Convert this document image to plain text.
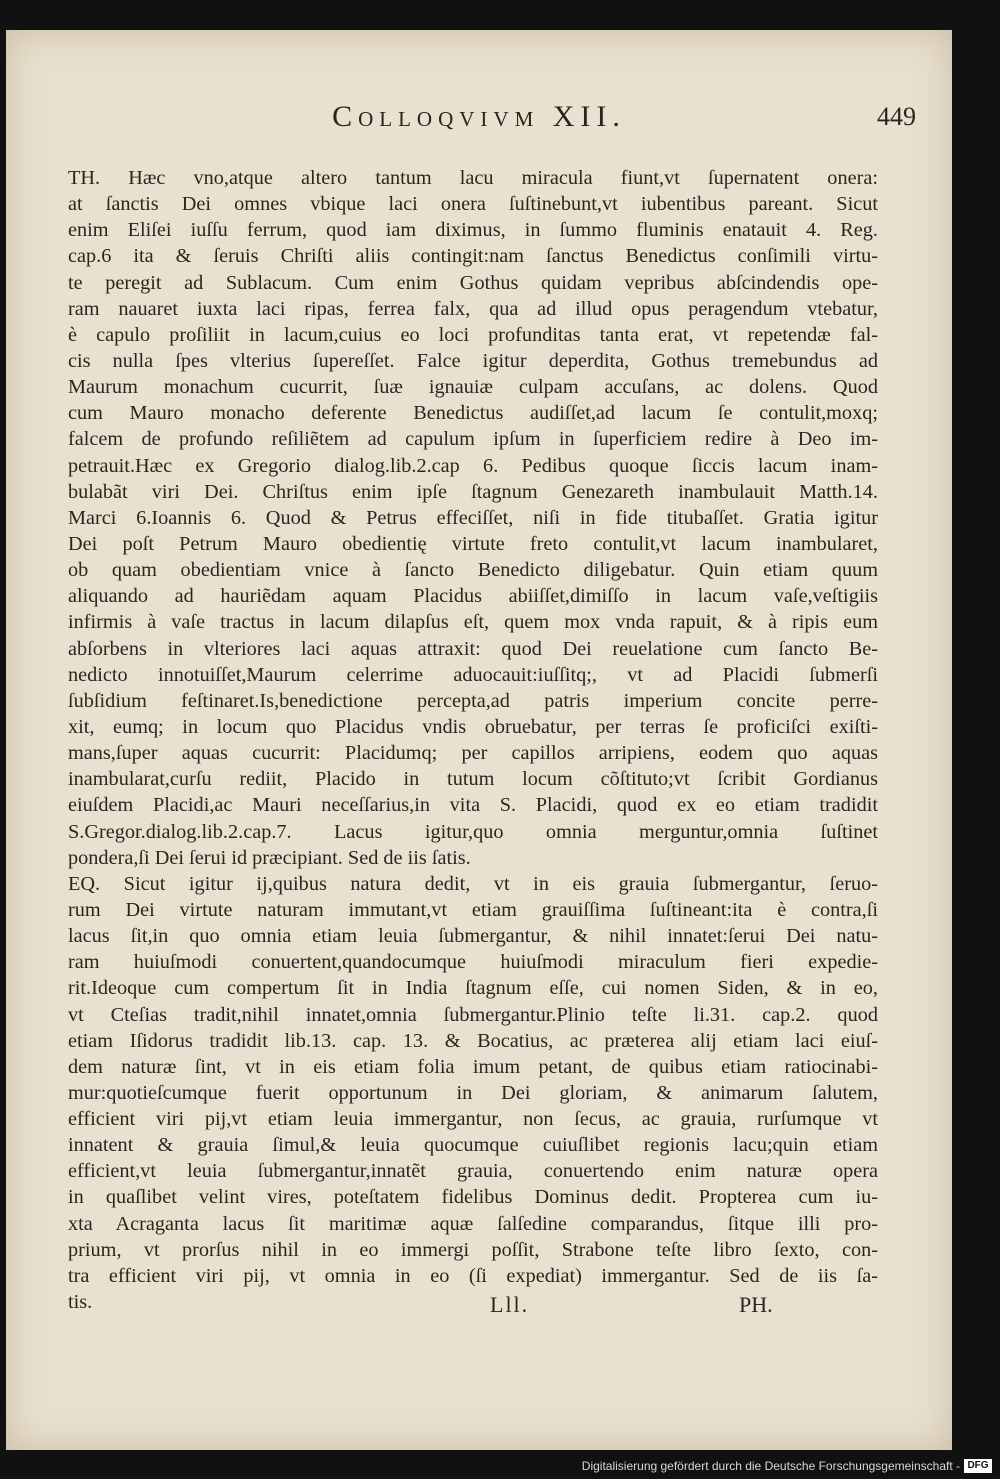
Colloqvivm XII.	449
TH. Hæc vno,atque altero tantum lacu miracula fiunt,vt ſupernatent onera:
at ſanctis Dei omnes vbique laci onera ſuſtinebunt,vt iubentibus pareant. Sicut
enim Eliſei iuſſu ferrum, quod iam diximus, in ſummo fluminis enatauit 4. Reg.
cap.6 ita & ſeruis Chriſti aliis contingit:nam ſanctus Benedictus conſimili virtu-
te peregit ad Sublacum. Cum enim Gothus quidam vepribus abſcindendis ope-
ram nauaret iuxta laci ripas, ferrea falx, qua ad illud opus peragendum vtebatur,
è capulo proſiliit in lacum,cuius eo loci profunditas tanta erat, vt repetendæ fal-
cis nulla ſpes vlterius ſupereſſet. Falce igitur deperdita, Gothus tremebundus ad
Maurum monachum cucurrit, ſuæ ignauiæ culpam accuſans, ac dolens. Quod
cum Mauro monacho deferente Benedictus audiſſet,ad lacum ſe contulit,moxq;
falcem de profundo reſiliẽtem ad capulum ipſum in ſuperficiem redire à Deo im-
petrauit.Hæc ex Gregorio dialog.lib.2.cap 6. Pedibus quoque ſiccis lacum inam-
bulabãt viri Dei. Chriſtus enim ipſe ſtagnum Genezareth inambulauit Matth.14.
Marci 6.Ioannis 6. Quod & Petrus effeciſſet, niſi in fide titubaſſet. Gratia igitur
Dei poſt Petrum Mauro obedientię virtute freto contulit,vt lacum inambularet,
ob quam obedientiam vnice à ſancto Benedicto diligebatur. Quin etiam quum
aliquando ad hauriẽdam aquam Placidus abiiſſet,dimiſſo in lacum vaſe,veſtigiis
infirmis à vaſe tractus in lacum dilapſus eſt, quem mox vnda rapuit, & à ripis eum
abſorbens in vlteriores laci aquas attraxit: quod Dei reuelatione cum ſancto Be-
nedicto innotuiſſet,Maurum celerrime aduocauit:iuſſitq;, vt ad Placidi ſubmerſi
ſubſidium feſtinaret.Is,benedictione percepta,ad patris imperium concite perre-
xit, eumq; in locum quo Placidus vndis obruebatur, per terras ſe proficiſci exiſti-
mans,ſuper aquas cucurrit: Placidumq; per capillos arripiens, eodem quo aquas
inambularat,curſu rediit, Placido in tutum locum cõſtituto;vt ſcribit Gordianus
eiuſdem Placidi,ac Mauri neceſſarius,in vita S. Placidi, quod ex eo etiam tradidit
S.Gregor.dialog.lib.2.cap.7. Lacus igitur,quo omnia merguntur,omnia ſuſtinet
pondera,ſi Dei ſerui id præcipiant. Sed de iis ſatis.
EQ. Sicut igitur ij,quibus natura dedit, vt in eis grauia ſubmergantur, ſeruo-
rum Dei virtute naturam immutant,vt etiam grauiſſima ſuſtineant:ita è contra,ſi
lacus ſit,in quo omnia etiam leuia ſubmergantur, & nihil innatet:ſerui Dei natu-
ram huiuſmodi conuertent,quandocumque huiuſmodi miraculum fieri expedie-
rit.Ideoque cum compertum ſit in India ſtagnum eſſe, cui nomen Siden, & in eo,
vt Cteſias tradit,nihil innatet,omnia ſubmergantur.Plinio teſte li.31. cap.2. quod
etiam Iſidorus tradidit lib.13. cap. 13. & Bocatius, ac præterea alij etiam laci eiuſ-
dem naturæ ſint, vt in eis etiam folia imum petant, de quibus etiam ratiocinabi-
mur:quotieſcumque fuerit opportunum in Dei gloriam, & animarum ſalutem,
efficient viri pij,vt etiam leuia immergantur, non ſecus, ac grauia, rurſumque vt
innatent & grauia ſimul,& leuia quocumque cuiuſlibet regionis lacu;quin etiam
efficient,vt leuia ſubmergantur,innatẽt grauia, conuertendo enim naturæ opera
in quaſlibet velint vires, poteſtatem fidelibus Dominus dedit. Propterea cum iu-
xta Acraganta lacus ſit maritimæ aquæ ſalſedine comparandus, ſitque illi pro-
prium, vt prorſus nihil in eo immergi poſſit, Strabone teſte libro ſexto, con-
tra efficient viri pij, vt omnia in eo (ſi expediat) immergantur. Sed de iis ſa-
tis.	Lll.	PH.
Digitalisierung gefördert durch die Deutsche Forschungsgemeinschaft - DFG
